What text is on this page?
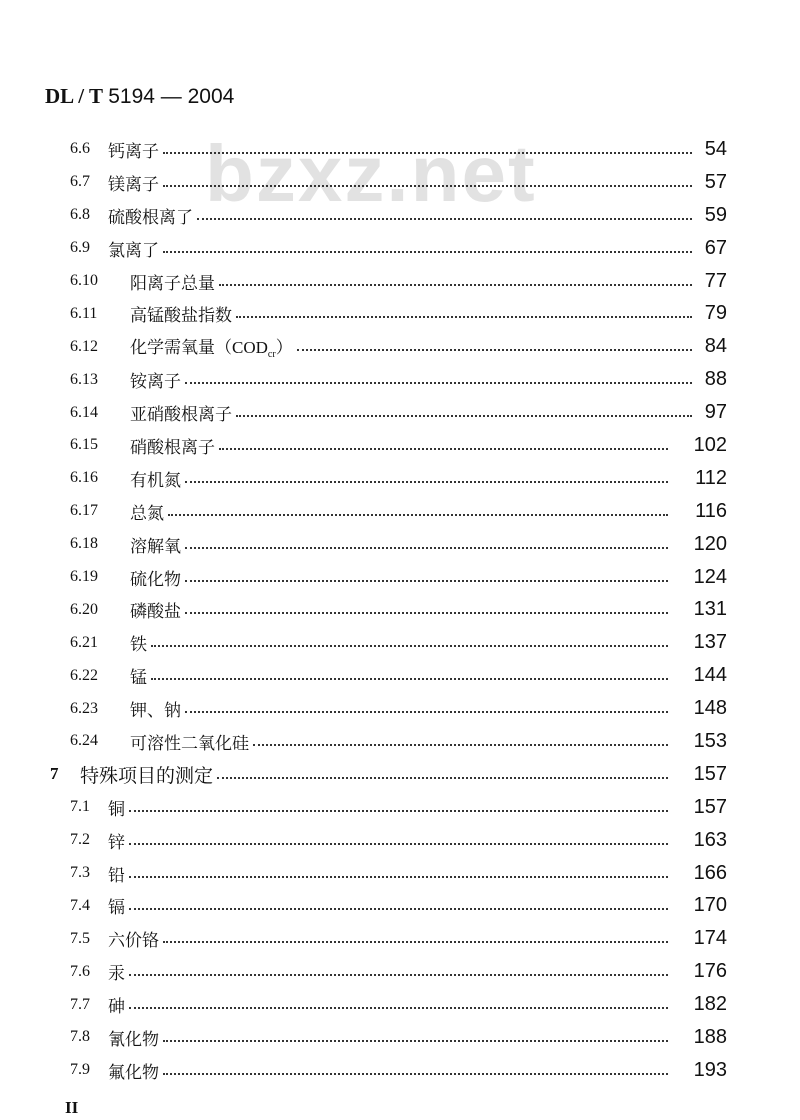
DL / T 5194 — 2004
bzxz.net
6.6 钙离子	54
6.7 镁离子	57
6.8 硫酸根离了	59
6.9 氯离了	67
6.10 阳离子总量	77
6.11 高锰酸盐指数	79
6.12 化学需氧量$(COD_{cr})$	84
6.13 铵离子	88
6.14 亚硝酸根离子	97
6.15 硝酸根离子	102
6.16 有机氮	112
6.17 总氮	116
6.18 溶解氧	120
6.19 硫化物	124
6.20 磷酸盐	131
6.21 铁	137
6.22 锰	144
6.23 钾、钠	148
6.24 可溶性二氧化硅	153
7 特殊项目的测定	157
7.1 铜	157
7.2 锌	163
7.3 铅	166
7.4 镉	170
7.5 六价铬	174
7.6 汞	176
7.7 砷	182
7.8 氰化物	188
7.9 氟化物	193
II
